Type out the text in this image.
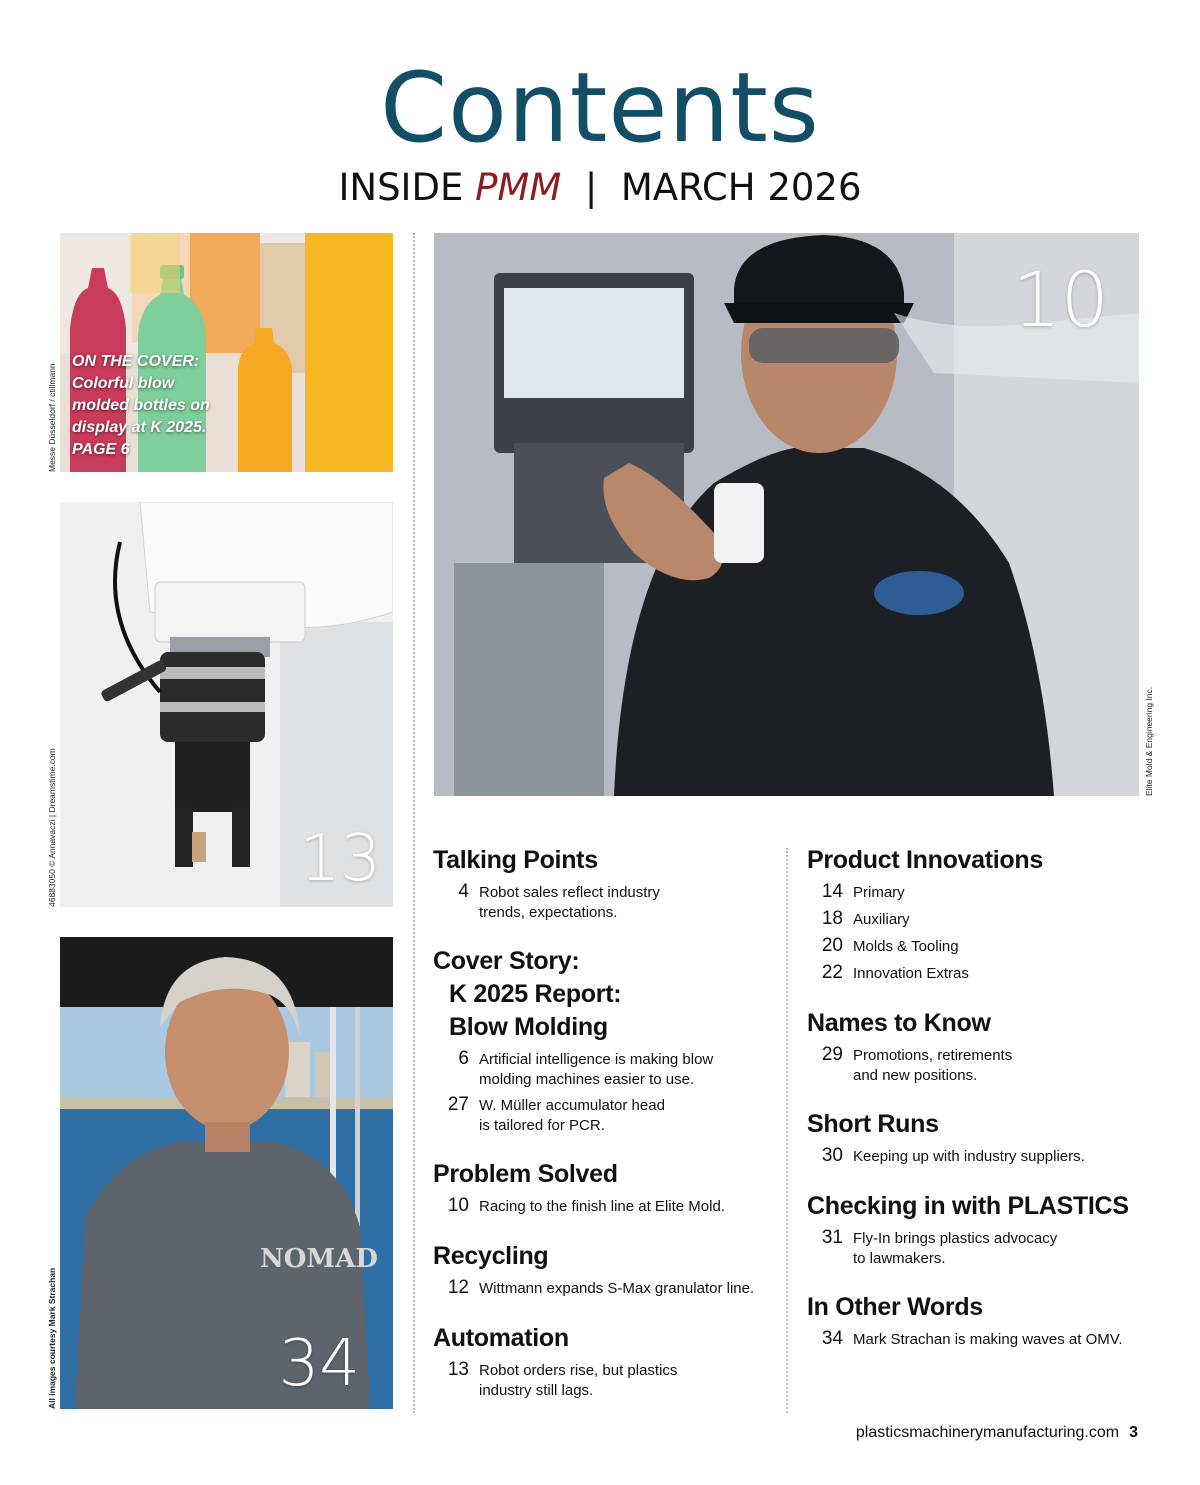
Contents
INSIDE PMM | MARCH 2026
ON THE COVER:
Colorful blow
molded bottles on
display at K 2025.
PAGE 6
Messe Düsseldorf / ctillmann
13
46883050 © Annavaczi | Dreamstime.com
NOMAD
34
All images courtesy Mark Strachan
10
Elite Mold & Engineering Inc.
Talking Points
4 Robot sales reflect industry
trends, expectations.
Cover Story:
K 2025 Report:
Blow Molding
6 Artificial intelligence is making blow
molding machines easier to use.
27 W. Müller accumulator head
is tailored for PCR.
Problem Solved
10 Racing to the finish line at Elite Mold.
Recycling
12 Wittmann expands S-Max granulator line.
Automation
13 Robot orders rise, but plastics
industry still lags.
Product Innovations
14 Primary
18 Auxiliary
20 Molds & Tooling
22 Innovation Extras
Names to Know
29 Promotions, retirements
and new positions.
Short Runs
30 Keeping up with industry suppliers.
Checking in with PLASTICS
31 Fly-In brings plastics advocacy
to lawmakers.
In Other Words
34 Mark Strachan is making waves at OMV.
plasticsmachinerymanufacturing.com 3
